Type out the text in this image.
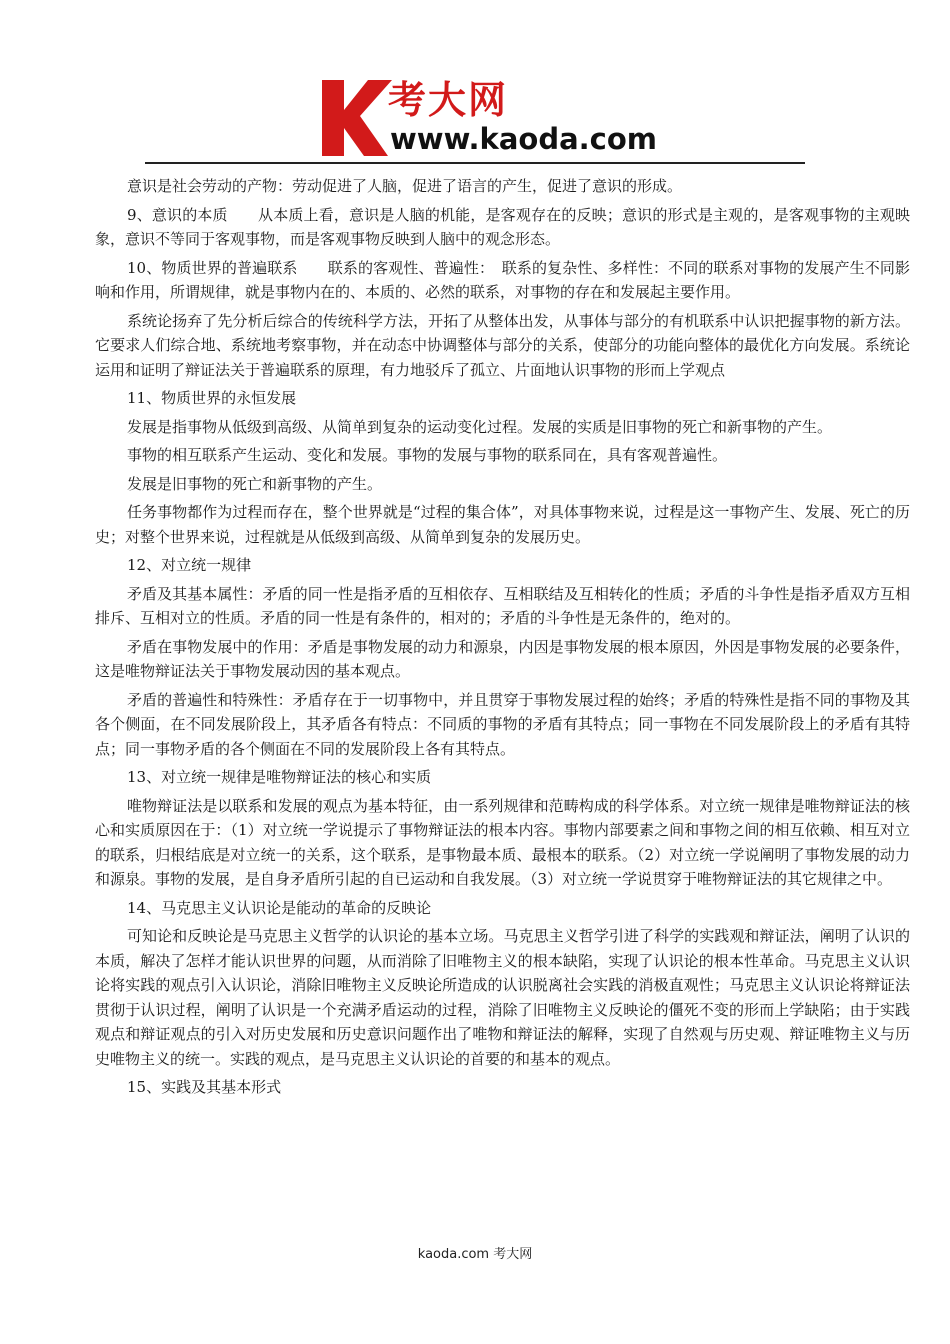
考大网
www.kaoda.com

意识是社会劳动的产物：劳动促进了人脑，促进了语言的产生，促进了意识的形成。

9、意识的本质　　从本质上看，意识是人脑的机能，是客观存在的反映；意识的形式是主观的，是客观事物的主观映象，意识不等同于客观事物，而是客观事物反映到人脑中的观念形态。

10、物质世界的普遍联系　　联系的客观性、普遍性：　联系的复杂性、多样性：不同的联系对事物的发展产生不同影响和作用，所谓规律，就是事物内在的、本质的、必然的联系，对事物的存在和发展起主要作用。

系统论扬弃了先分析后综合的传统科学方法，开拓了从整体出发，从事体与部分的有机联系中认识把握事物的新方法。它要求人们综合地、系统地考察事物，并在动态中协调整体与部分的关系，使部分的功能向整体的最优化方向发展。系统论运用和证明了辩证法关于普遍联系的原理，有力地驳斥了孤立、片面地认识事物的形而上学观点

11、物质世界的永恒发展

发展是指事物从低级到高级、从简单到复杂的运动变化过程。发展的实质是旧事物的死亡和新事物的产生。

事物的相互联系产生运动、变化和发展。事物的发展与事物的联系同在，具有客观普遍性。

发展是旧事物的死亡和新事物的产生。

任务事物都作为过程而存在，整个世界就是“过程的集合体”，对具体事物来说，过程是这一事物产生、发展、死亡的历史；对整个世界来说，过程就是从低级到高级、从简单到复杂的发展历史。

12、对立统一规律

矛盾及其基本属性：矛盾的同一性是指矛盾的互相依存、互相联结及互相转化的性质；矛盾的斗争性是指矛盾双方互相排斥、互相对立的性质。矛盾的同一性是有条件的，相对的；矛盾的斗争性是无条件的，绝对的。

矛盾在事物发展中的作用：矛盾是事物发展的动力和源泉，内因是事物发展的根本原因，外因是事物发展的必要条件，这是唯物辩证法关于事物发展动因的基本观点。

矛盾的普遍性和特殊性：矛盾存在于一切事物中，并且贯穿于事物发展过程的始终；矛盾的特殊性是指不同的事物及其各个侧面，在不同发展阶段上，其矛盾各有特点：不同质的事物的矛盾有其特点；同一事物在不同发展阶段上的矛盾有其特点；同一事物矛盾的各个侧面在不同的发展阶段上各有其特点。

13、对立统一规律是唯物辩证法的核心和实质

唯物辩证法是以联系和发展的观点为基本特征，由一系列规律和范畴构成的科学体系。对立统一规律是唯物辩证法的核心和实质原因在于：（1）对立统一学说提示了事物辩证法的根本内容。事物内部要素之间和事物之间的相互依赖、相互对立的联系，归根结底是对立统一的关系，这个联系，是事物最本质、最根本的联系。（2）对立统一学说阐明了事物发展的动力和源泉。事物的发展，是自身矛盾所引起的自已运动和自我发展。（3）对立统一学说贯穿于唯物辩证法的其它规律之中。

14、马克思主义认识论是能动的革命的反映论

可知论和反映论是马克思主义哲学的认识论的基本立场。马克思主义哲学引进了科学的实践观和辩证法，阐明了认识的本质，解决了怎样才能认识世界的问题，从而消除了旧唯物主义的根本缺陷，实现了认识论的根本性革命。马克思主义认识论将实践的观点引入认识论，消除旧唯物主义反映论所造成的认识脱离社会实践的消极直观性；马克思主义认识论将辩证法贯彻于认识过程，阐明了认识是一个充满矛盾运动的过程，消除了旧唯物主义反映论的僵死不变的形而上学缺陷；由于实践观点和辩证观点的引入对历史发展和历史意识问题作出了唯物和辩证法的解释，实现了自然观与历史观、辩证唯物主义与历史唯物主义的统一。实践的观点，是马克思主义认识论的首要的和基本的观点。

15、实践及其基本形式

kaoda.com 考大网
